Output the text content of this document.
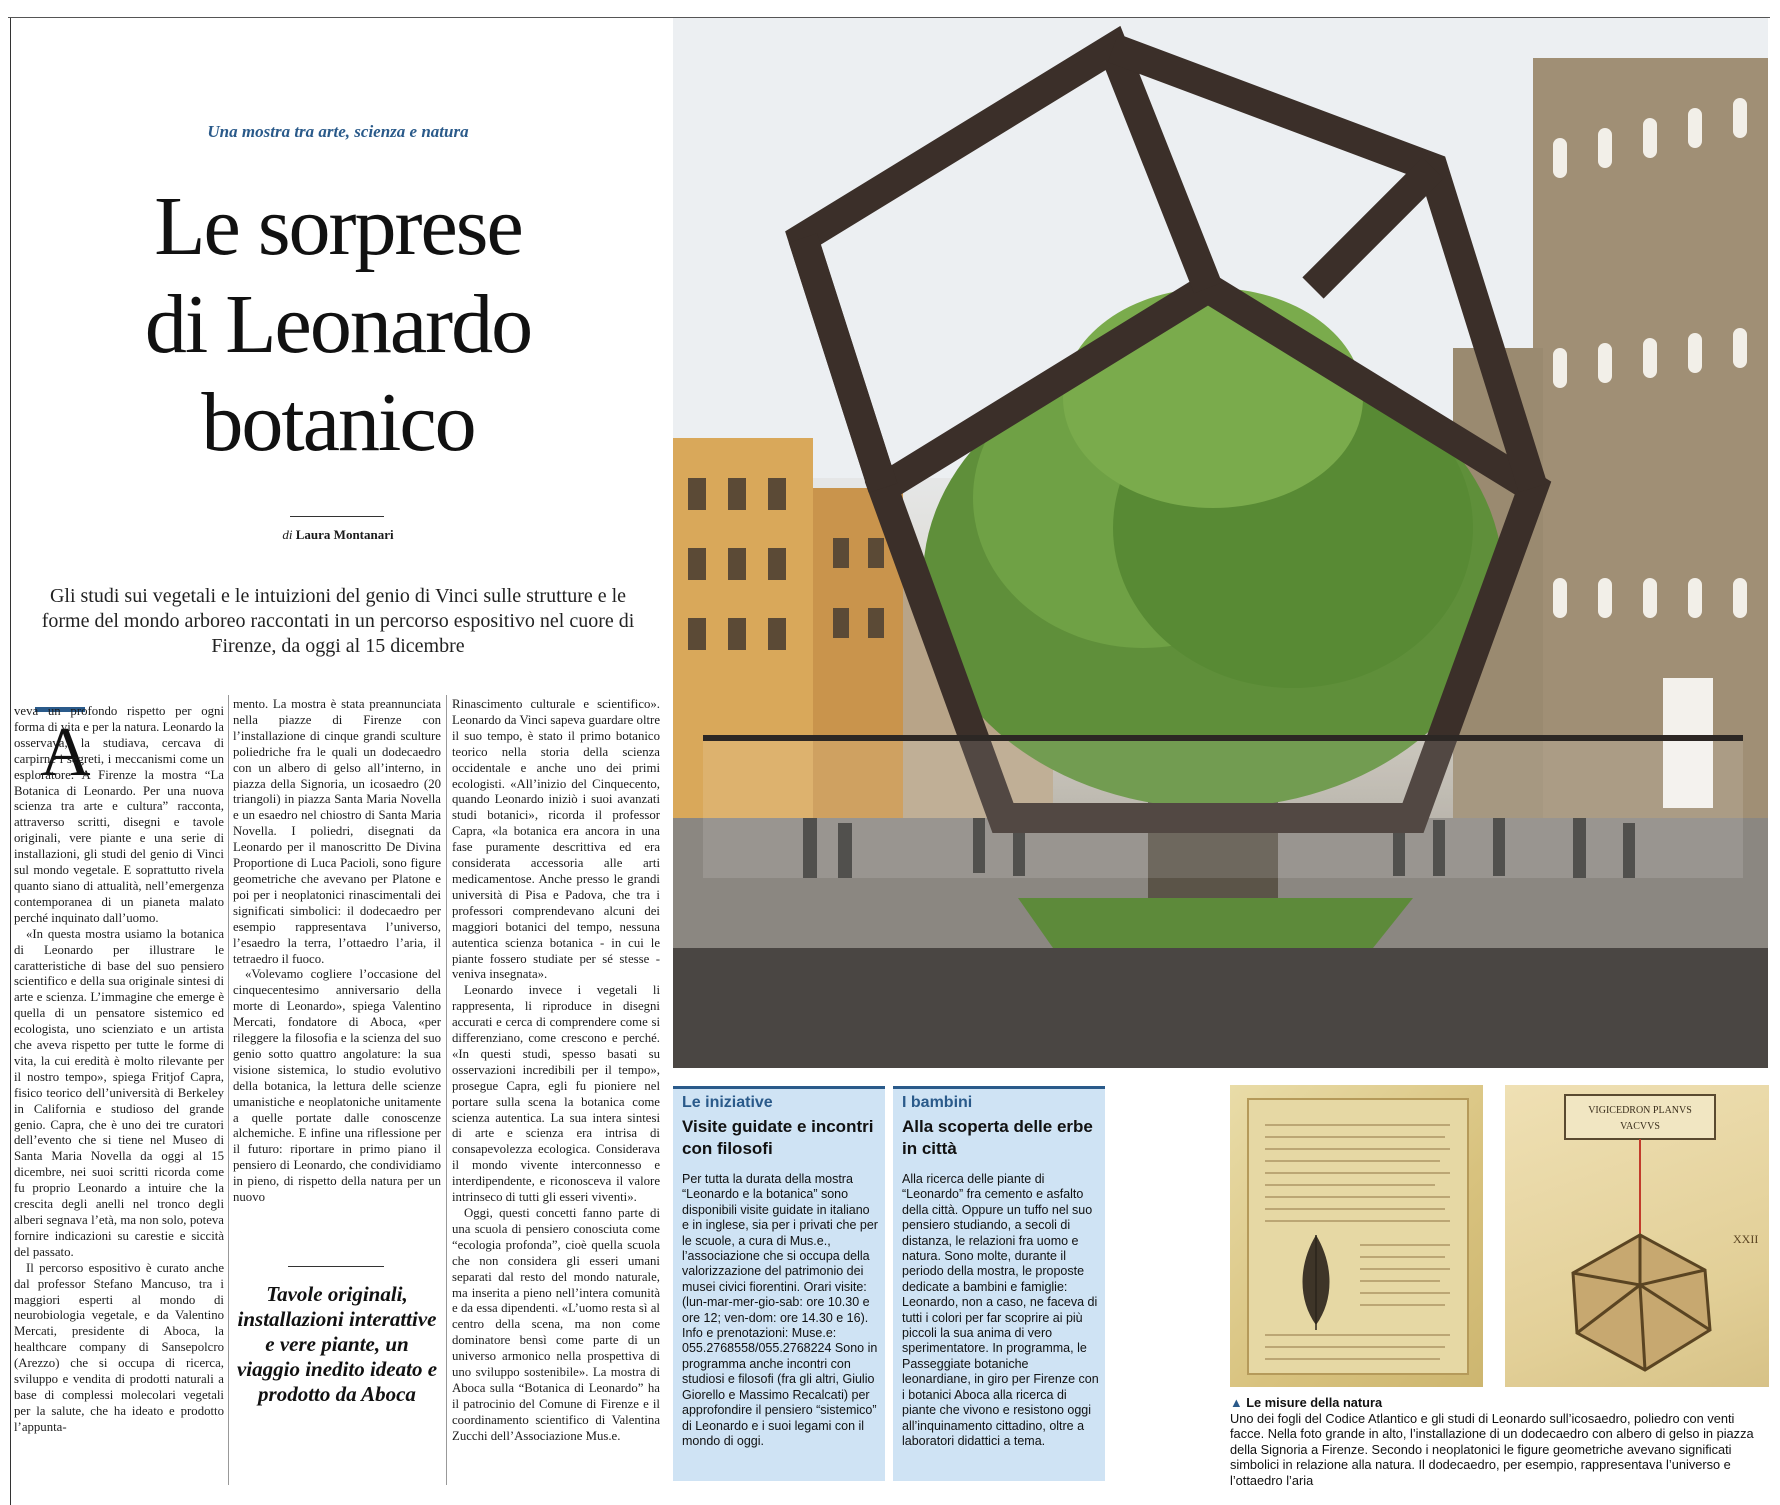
Una mostra tra arte, scienza e natura
Le sorprese
di Leonardo
botanico
di Laura Montanari
Gli studi sui vegetali e le intuizioni del genio di Vinci sulle strutture e le forme del mondo arboreo raccontati in un percorso espositivo nel cuore di Firenze, da oggi al 15 dicembre
A

veva un profondo rispetto per ogni forma di vita e per la natura. Leonardo la osservava, la studiava, cercava di carpirne i segreti, i meccanismi come un esploratore. A Firenze la mostra “La Botanica di Leonardo. Per una nuova scienza tra arte e cultura” racconta, attraverso scritti, disegni e tavole originali, vere piante e una serie di installazioni, gli studi del genio di Vinci sul mondo vegetale. E soprattutto rivela quanto siano di attualità, nell’emergenza contemporanea di un pianeta malato perché inquinato dall’uomo.

«In questa mostra usiamo la botanica di Leonardo per illustrare le caratteristiche di base del suo pensiero scientifico e della sua originale sintesi di arte e scienza. L’immagine che emerge è quella di un pensatore sistemico ed ecologista, uno scienziato e un artista che aveva rispetto per tutte le forme di vita, la cui eredità è molto rilevante per il nostro tempo», spiega Fritjof Capra, fisico teorico dell’università di Berkeley in California e studioso del grande genio. Capra, che è uno dei tre curatori dell’evento che si tiene nel Museo di Santa Maria Novella da oggi al 15 dicembre, nei suoi scritti ricorda come fu proprio Leonardo a intuire che la crescita degli anelli nel tronco degli alberi segnava l’età, ma non solo, poteva fornire indicazioni su carestie e siccità del passato.

Il percorso espositivo è curato anche dal professor Stefano Mancuso, tra i maggiori esperti al mondo di neurobiologia vegetale, e da Valentino Mercati, presidente di Aboca, la healthcare company di Sansepolcro (Arezzo) che si occupa di ricerca, sviluppo e vendita di prodotti naturali a base di complessi molecolari vegetali per la salute, che ha ideato e prodotto l’appunta-

mento. La mostra è stata preannunciata nella piazze di Firenze con l’installazione di cinque grandi sculture poliedriche fra le quali un dodecaedro con un albero di gelso all’interno, in piazza della Signoria, un icosaedro (20 triangoli) in piazza Santa Maria Novella e un esaedro nel chiostro di Santa Maria Novella. I poliedri, disegnati da Leonardo per il manoscritto De Divina Proportione di Luca Pacioli, sono figure geometriche che avevano per Platone e poi per i neoplatonici rinascimentali dei significati simbolici: il dodecaedro per esempio rappresentava l’universo, l’esaedro la terra, l’ottaedro l’aria, il tetraedro il fuoco.

«Volevamo cogliere l’occasione del cinquecentesimo anniversario della morte di Leonardo», spiega Valentino Mercati, fondatore di Aboca, «per rileggere la filosofia e la scienza del suo genio sotto quattro angolature: la sua visione sistemica, lo studio evolutivo della botanica, la lettura delle scienze umanistiche e neoplatoniche unitamente a quelle portate dalle conoscenze alchemiche. E infine una riflessione per il futuro: riportare in primo piano il pensiero di Leonardo, che condividiamo in pieno, di rispetto della natura per un nuovo

Rinascimento culturale e scientifico». Leonardo da Vinci sapeva guardare oltre il suo tempo, è stato il primo botanico teorico nella storia della scienza occidentale e anche uno dei primi ecologisti. «All’inizio del Cinquecento, quando Leonardo iniziò i suoi avanzati studi botanici», ricorda il professor Capra, «la botanica era ancora in una fase puramente descrittiva ed era considerata accessoria alle arti medicamentose. Anche presso le grandi università di Pisa e Padova, che tra i professori comprendevano alcuni dei maggiori botanici del tempo, nessuna autentica scienza botanica - in cui le piante fossero studiate per sé stesse - veniva insegnata».

Leonardo invece i vegetali li rappresenta, li riproduce in disegni accurati e cerca di comprendere come si differenziano, come crescono e perché. «In questi studi, spesso basati su osservazioni incredibili per il tempo», prosegue Capra, egli fu pioniere nel portare sulla scena la botanica come scienza autentica. La sua intera sintesi di arte e scienza era intrisa di consapevolezza ecologica. Considerava il mondo vivente interconnesso e interdipendente, e riconosceva il valore intrinseco di tutti gli esseri viventi».

Oggi, questi concetti fanno parte di una scuola di pensiero conosciuta come “ecologia profonda”, cioè quella scuola che non considera gli esseri umani separati dal resto del mondo naturale, ma inserita a pieno nell’intera comunità e da essa dipendenti. «L’uomo resta sì al centro della scena, ma non come dominatore bensì come parte di un universo armonico nella prospettiva di uno sviluppo sostenibile». La mostra di Aboca sulla “Botanica di Leonardo” ha il patrocinio del Comune di Firenze e il coordinamento scientifico di Valentina Zucchi dell’Associazione Mus.e.

Tavole originali, installazioni interattive e vere piante, un viaggio inedito ideato e prodotto da Aboca
Le iniziative
Visite guidate e incontri con filosofi
Per tutta la durata della mostra “Leonardo e la botanica” sono disponibili visite guidate in italiano e in inglese, sia per i privati che per le scuole, a cura di Mus.e., l’associazione che si occupa della valorizzazione del patrimonio dei musei civici fiorentini. Orari visite: (lun-mar-mer-gio-sab: ore 10.30 e ore 12; ven-dom: ore 14.30 e 16). Info e prenotazioni: Muse.e: 055.2768558/055.2768224 Sono in programma anche incontri con studiosi e filosofi (fra gli altri, Giulio Giorello e Massimo Recalcati) per approfondire il pensiero “sistemico” di Leonardo e i suoi legami con il mondo di oggi.
I bambini
Alla scoperta delle erbe in città
Alla ricerca delle piante di “Leonardo” fra cemento e asfalto della città. Oppure un tuffo nel suo pensiero studiando, a secoli di distanza, le relazioni fra uomo e natura. Sono molte, durante il periodo della mostra, le proposte dedicate a bambini e famiglie: Leonardo, non a caso, ne faceva di tutti i colori per far scoprire ai più piccoli la sua anima di vero sperimentatore. In programma, le Passeggiate botaniche leonardiane, in giro per Firenze con i botanici Aboca alla ricerca di piante che vivono e resistono oggi all’inquinamento cittadino, oltre a laboratori didattici a tema.
VIGICEDRON PLANVS
VACVVS
XXII
▲ Le misure della natura
Uno dei fogli del Codice Atlantico e gli studi di Leonardo sull’icosaedro, poliedro con venti facce. Nella foto grande in alto, l’installazione di un dodecaedro con albero di gelso in piazza della Signoria a Firenze. Secondo i neoplatonici le figure geometriche avevano significati simbolici in relazione alla natura. Il dodecaedro, per esempio, rappresentava l’universo e l’ottaedro l’aria
